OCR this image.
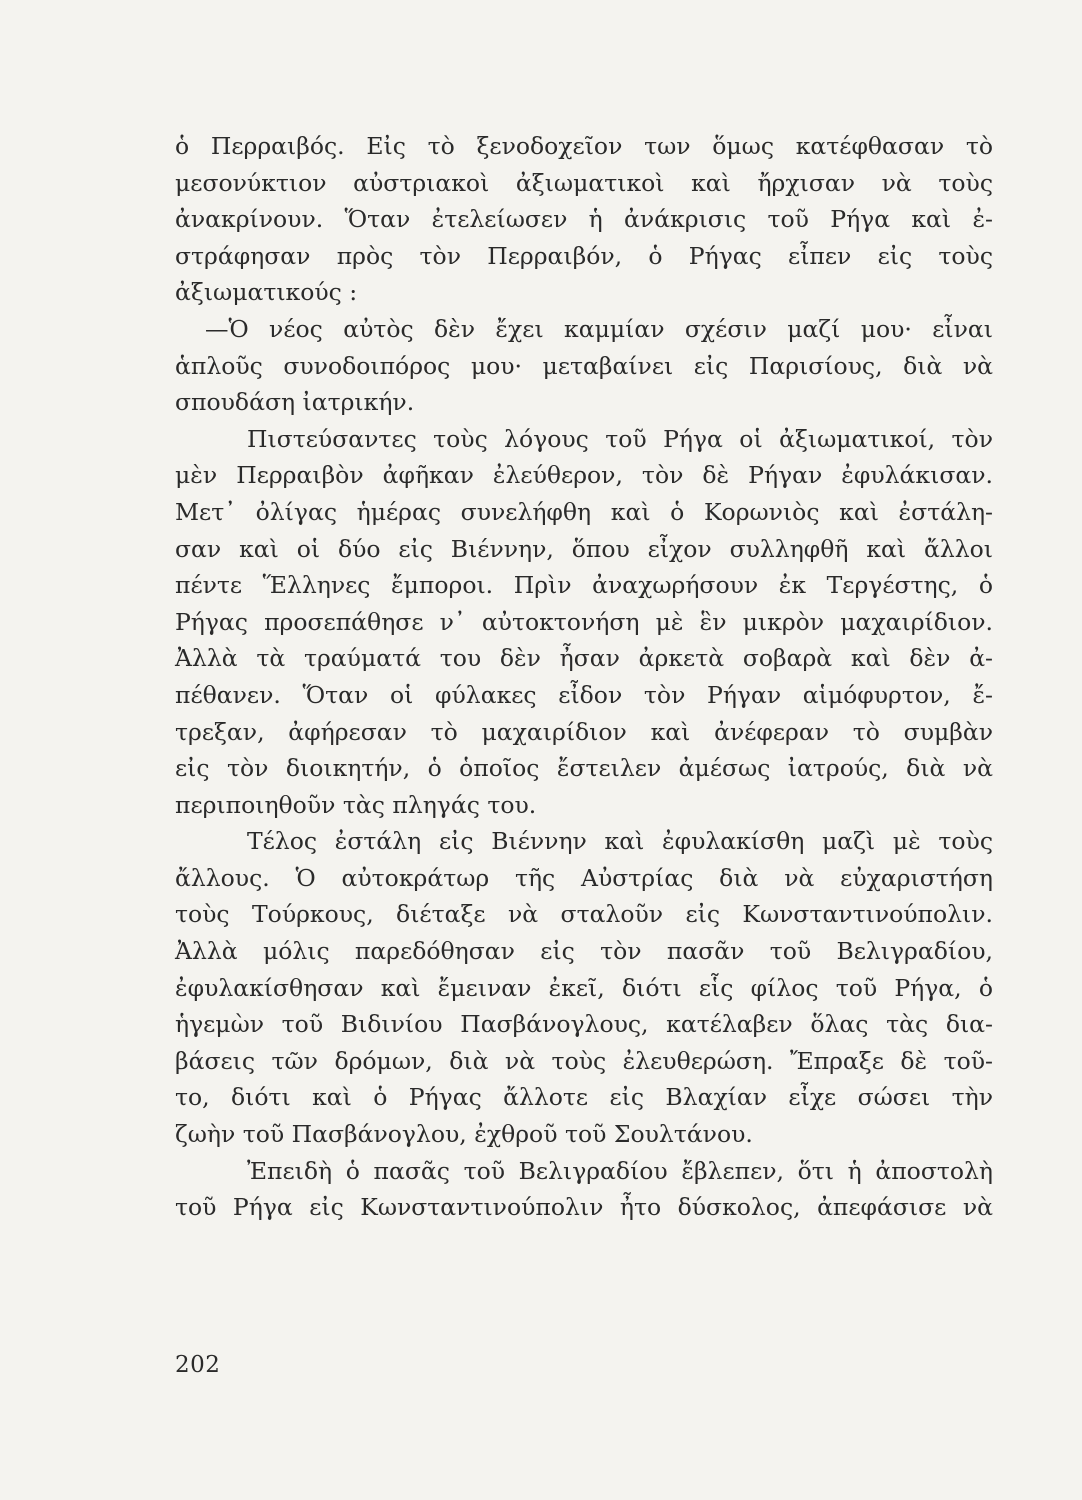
ὁ Περραιβός. Εἰς τὸ ξενοδοχεῖον των ὅμως κατέφθασαν τὸ
μεσονύκτιον αὐστριακοὶ ἀξιωματικοὶ καὶ ἤρχισαν νὰ τοὺς
ἀνακρίνουν. Ὅταν ἐτελείωσεν ἡ ἀνάκρισις τοῦ Ρήγα καὶ ἐ-
στράφησαν πρὸς τὸν Περραιβόν, ὁ Ρήγας εἶπεν εἰς τοὺς
ἀξιωματικούς :
—Ὁ νέος αὐτὸς δὲν ἔχει καμμίαν σχέσιν μαζί μου· εἶναι
ἁπλοῦς συνοδοιπόρος μου· μεταβαίνει εἰς Παρισίους, διὰ νὰ
σπουδάση ἰατρικήν.
Πιστεύσαντες τοὺς λόγους τοῦ Ρήγα οἱ ἀξιωματικοί, τὸν
μὲν Περραιβὸν ἀφῆκαν ἐλεύθερον, τὸν δὲ Ρήγαν ἐφυλάκισαν.
Μετ᾽ ὀλίγας ἡμέρας συνελήφθη καὶ ὁ Κορωνιὸς καὶ ἐστάλη-
σαν καὶ οἱ δύο εἰς Βιέννην, ὅπου εἶχον συλληφθῆ καὶ ἄλλοι
πέντε Ἕλληνες ἔμποροι. Πρὶν ἀναχωρήσουν ἐκ Τεργέστης, ὁ
Ρήγας προσεπάθησε ν᾽ αὐτοκτονήση μὲ ἓν μικρὸν μαχαιρίδιον.
Ἀλλὰ τὰ τραύματά του δὲν ἦσαν ἀρκετὰ σοβαρὰ καὶ δὲν ἀ-
πέθανεν. Ὅταν οἱ φύλακες εἶδον τὸν Ρήγαν αἱμόφυρτον, ἔ-
τρεξαν, ἀφήρεσαν τὸ μαχαιρίδιον καὶ ἀνέφεραν τὸ συμβὰν
εἰς τὸν διοικητήν, ὁ ὁποῖος ἔστειλεν ἀμέσως ἰατρούς, διὰ νὰ
περιποιηθοῦν τὰς πληγάς του.
Τέλος ἐστάλη εἰς Βιέννην καὶ ἐφυλακίσθη μαζὶ μὲ τοὺς
ἄλλους. Ὁ αὐτοκράτωρ τῆς Αὐστρίας διὰ νὰ εὐχαριστήση
τοὺς Τούρκους, διέταξε νὰ σταλοῦν εἰς Κωνσταντινούπολιν.
Ἀλλὰ μόλις παρεδόθησαν εἰς τὸν πασᾶν τοῦ Βελιγραδίου,
ἐφυλακίσθησαν καὶ ἔμειναν ἐκεῖ, διότι εἷς φίλος τοῦ Ρήγα, ὁ
ἡγεμὼν τοῦ Βιδινίου Πασβάνογλους, κατέλαβεν ὅλας τὰς δια-
βάσεις τῶν δρόμων, διὰ νὰ τοὺς ἐλευθερώση. Ἔπραξε δὲ τοῦ-
το, διότι καὶ ὁ Ρήγας ἄλλοτε εἰς Βλαχίαν εἶχε σώσει τὴν
ζωὴν τοῦ Πασβάνογλου, ἐχθροῦ τοῦ Σουλτάνου.
Ἐπειδὴ ὁ πασᾶς τοῦ Βελιγραδίου ἔβλεπεν, ὅτι ἡ ἀποστολὴ
τοῦ Ρήγα εἰς Κωνσταντινούπολιν ἦτο δύσκολος, ἀπεφάσισε νὰ
202
